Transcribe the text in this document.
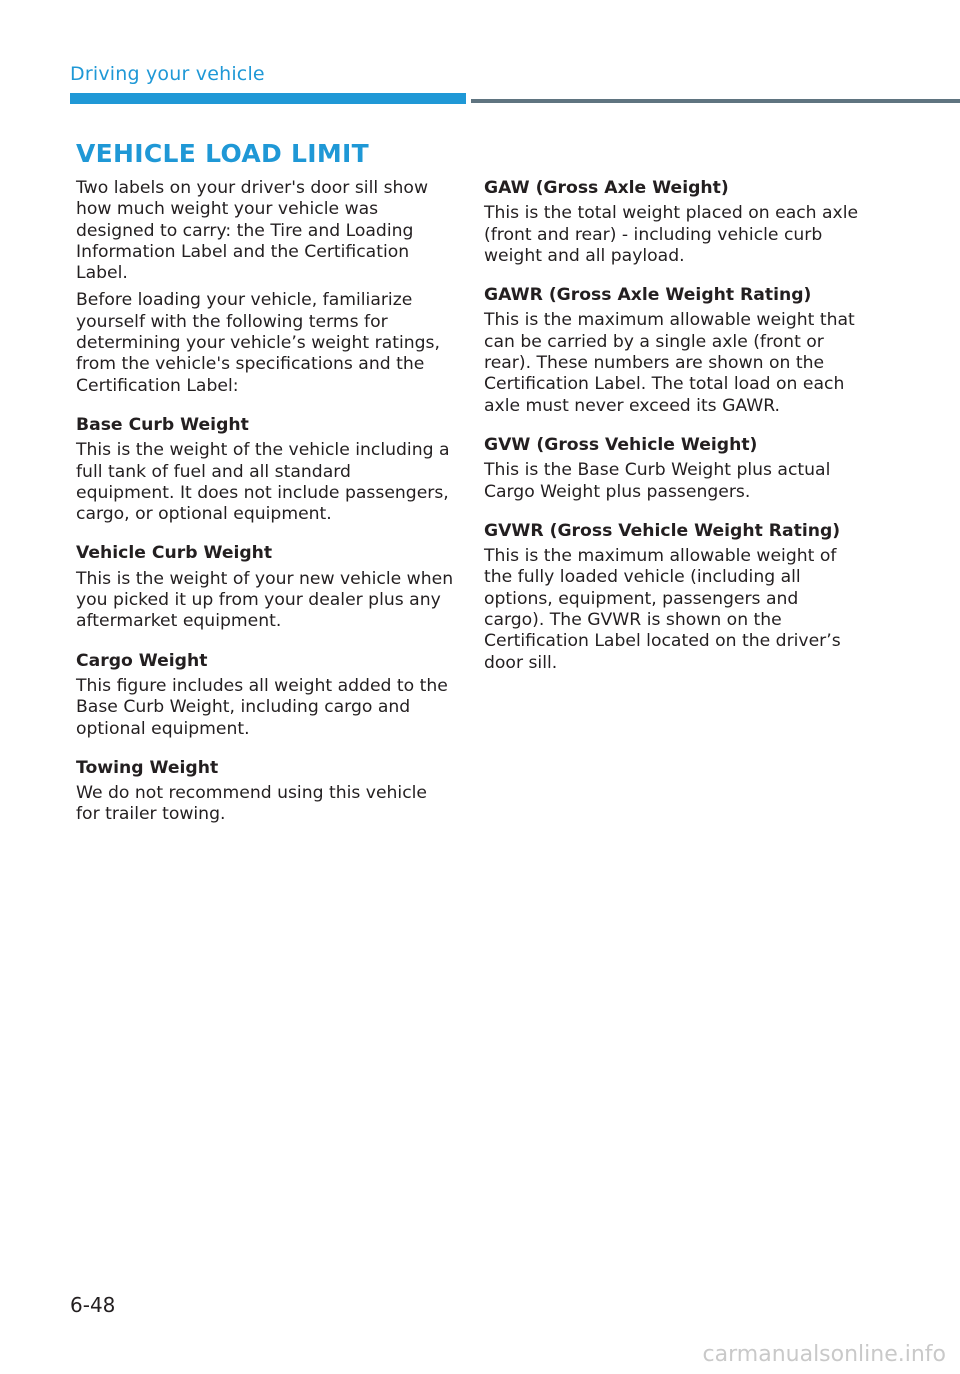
Driving your vehicle
VEHICLE LOAD LIMIT

Two labels on your driver's door sill show how much weight your vehicle was designed to carry: the Tire and Loading Information Label and the Certification Label.

Before loading your vehicle, familiarize yourself with the following terms for determining your vehicle’s weight ratings, from the vehicle's specifications and the Certification Label:

Base Curb Weight

This is the weight of the vehicle including a full tank of fuel and all standard equipment. It does not include passengers, cargo, or optional equipment.

Vehicle Curb Weight

This is the weight of your new vehicle when you picked it up from your dealer plus any aftermarket equipment.

Cargo Weight

This figure includes all weight added to the Base Curb Weight, including cargo and optional equipment.

Towing Weight

We do not recommend using this vehicle for trailer towing.

GAW (Gross Axle Weight)

This is the total weight placed on each axle (front and rear) - including vehicle curb weight and all payload.

GAWR (Gross Axle Weight Rating)

This is the maximum allowable weight that can be carried by a single axle (front or rear). These numbers are shown on the Certification Label. The total load on each axle must never exceed its GAWR.

GVW (Gross Vehicle Weight)

This is the Base Curb Weight plus actual Cargo Weight plus passengers.

GVWR (Gross Vehicle Weight Rating)

This is the maximum allowable weight of the fully loaded vehicle (including all options, equipment, passengers and cargo). The GVWR is shown on the Certification Label located on the driver’s door sill.

6-48
carmanualsonline.info
